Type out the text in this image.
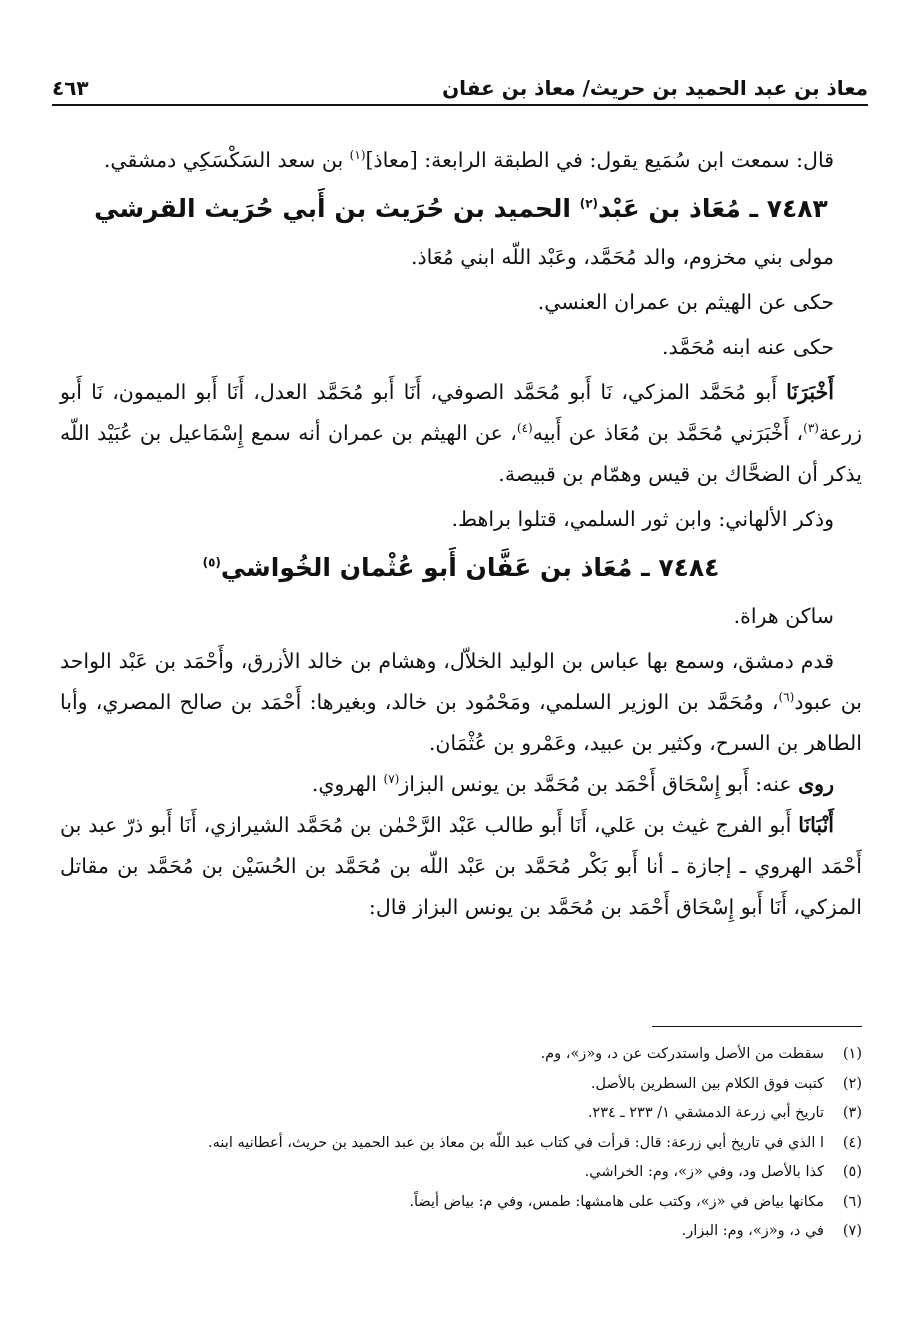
معاذ بن عبد الحميد بن حريث/ معاذ بن عفان
٤٦٣

قال: سمعت ابن سُمَيع يقول: في الطبقة الرابعة: [معاذ]$^{(١)}$ بن سعد السَكْسَكِي دمشقي.

٧٤٨٣ ـ مُعَاذ بن عَبْد$^{(٢)}$ الحميد بن حُرَيث بن أَبي حُرَيث القرشي

مولى بني مخزوم، والد مُحَمَّد، وعَبْد اللّه ابني مُعَاذ.

حكى عن الهيثم بن عمران العنسي.

حكى عنه ابنه مُحَمَّد.

أَخْبَرَنَا أَبو مُحَمَّد المزكي، نَا أَبو مُحَمَّد الصوفي، أَنَا أَبو مُحَمَّد العدل، أَنَا أَبو الميمون، نَا أَبو زرعة$^{(٣)}$، أَخْبَرَني مُحَمَّد بن مُعَاذ عن أَبيه$^{(٤)}$، عن الهيثم بن عمران أنه سمع إِسْمَاعيل بن عُبَيْد اللّه يذكر أن الضحَّاك بن قيس وهمّام بن قبيصة.

وذكر الألهاني: وابن ثور السلمي، قتلوا براهط.

٧٤٨٤ ـ مُعَاذ بن عَفَّان أَبو عُثْمان الخُواشي$^{(٥)}$

ساكن هراة.

قدم دمشق، وسمع بها عباس بن الوليد الخلاّل، وهشام بن خالد الأزرق، وأَحْمَد بن عَبْد الواحد بن عبود$^{(٦)}$، ومُحَمَّد بن الوزير السلمي، ومَحْمُود بن خالد، وبغيرها: أَحْمَد بن صالح المصري، وأبا الطاهر بن السرح، وكثير بن عبيد، وعَمْرو بن عُثْمَان.

روى عنه: أَبو إِسْحَاق أَحْمَد بن مُحَمَّد بن يونس البزاز$^{(٧)}$ الهروي.

أَنْبَانَا أَبو الفرج غيث بن عَلي، أَنَا أَبو طالب عَبْد الرَّحْمٰن بن مُحَمَّد الشيرازي، أَنَا أَبو ذرّ عبد بن أَحْمَد الهروي ـ إجازة ـ أنا أَبو بَكْر مُحَمَّد بن عَبْد اللّه بن مُحَمَّد بن الحُسَيْن بن مُحَمَّد بن مقاتل المزكي، أَنَا أَبو إِسْحَاق أَحْمَد بن مُحَمَّد بن يونس البزاز قال:

(١)
سقطت من الأصل واستدركت عن د، و«ز»، وم.
(٢)
كتبت فوق الكلام بين السطرين بالأصل.
(٣)
تاريخ أبي زرعة الدمشقي ١/ ٢٣٣ ـ ٢٣٤.
(٤)
ا الذي في تاريخ أبي زرعة: قال: قرأت في كتاب عبد اللّه بن معاذ بن عبد الحميد بن حريث، أعطانيه ابنه.
(٥)
كذا بالأصل ود، وفي «ز»، وم: الخراشي.
(٦)
مكانها بياض في «ز»، وكتب على هامشها: طمس، وفي م: بياض أيضاً.
(٧)
في د، و«ز»، وم: البزار.
